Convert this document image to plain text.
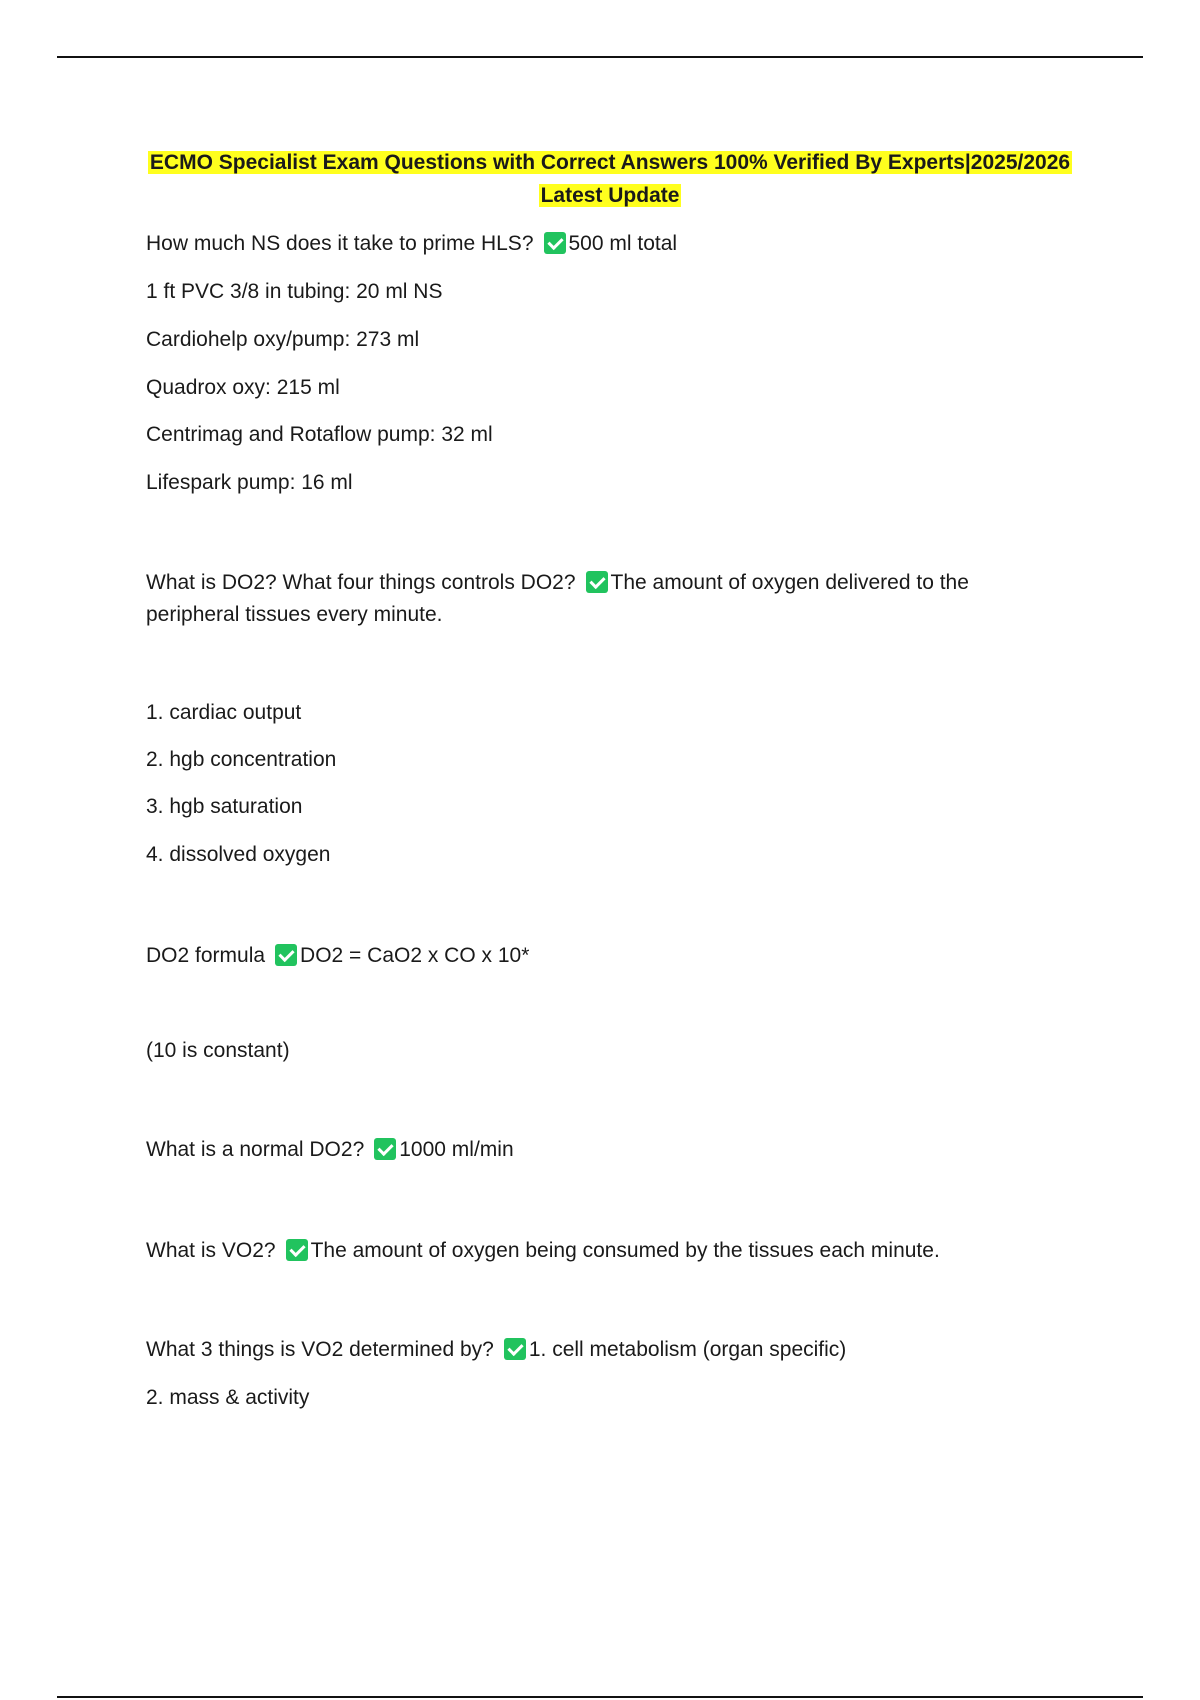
ECMO Specialist Exam Questions with Correct Answers 100% Verified By Experts|2025/2026
Latest Update
How much NS does it take to prime HLS? 500 ml total
1 ft PVC 3/8 in tubing: 20 ml NS
Cardiohelp oxy/pump: 273 ml
Quadrox oxy: 215 ml
Centrimag and Rotaflow pump: 32 ml
Lifespark pump: 16 ml
What is DO2? What four things controls DO2? The amount of oxygen delivered to the
peripheral tissues every minute.
1. cardiac output
2. hgb concentration
3. hgb saturation
4. dissolved oxygen
DO2 formula DO2 = CaO2 x CO x 10*
(10 is constant)
What is a normal DO2? 1000 ml/min
What is VO2? The amount of oxygen being consumed by the tissues each minute.
What 3 things is VO2 determined by? 1. cell metabolism (organ specific)
2. mass & activity
